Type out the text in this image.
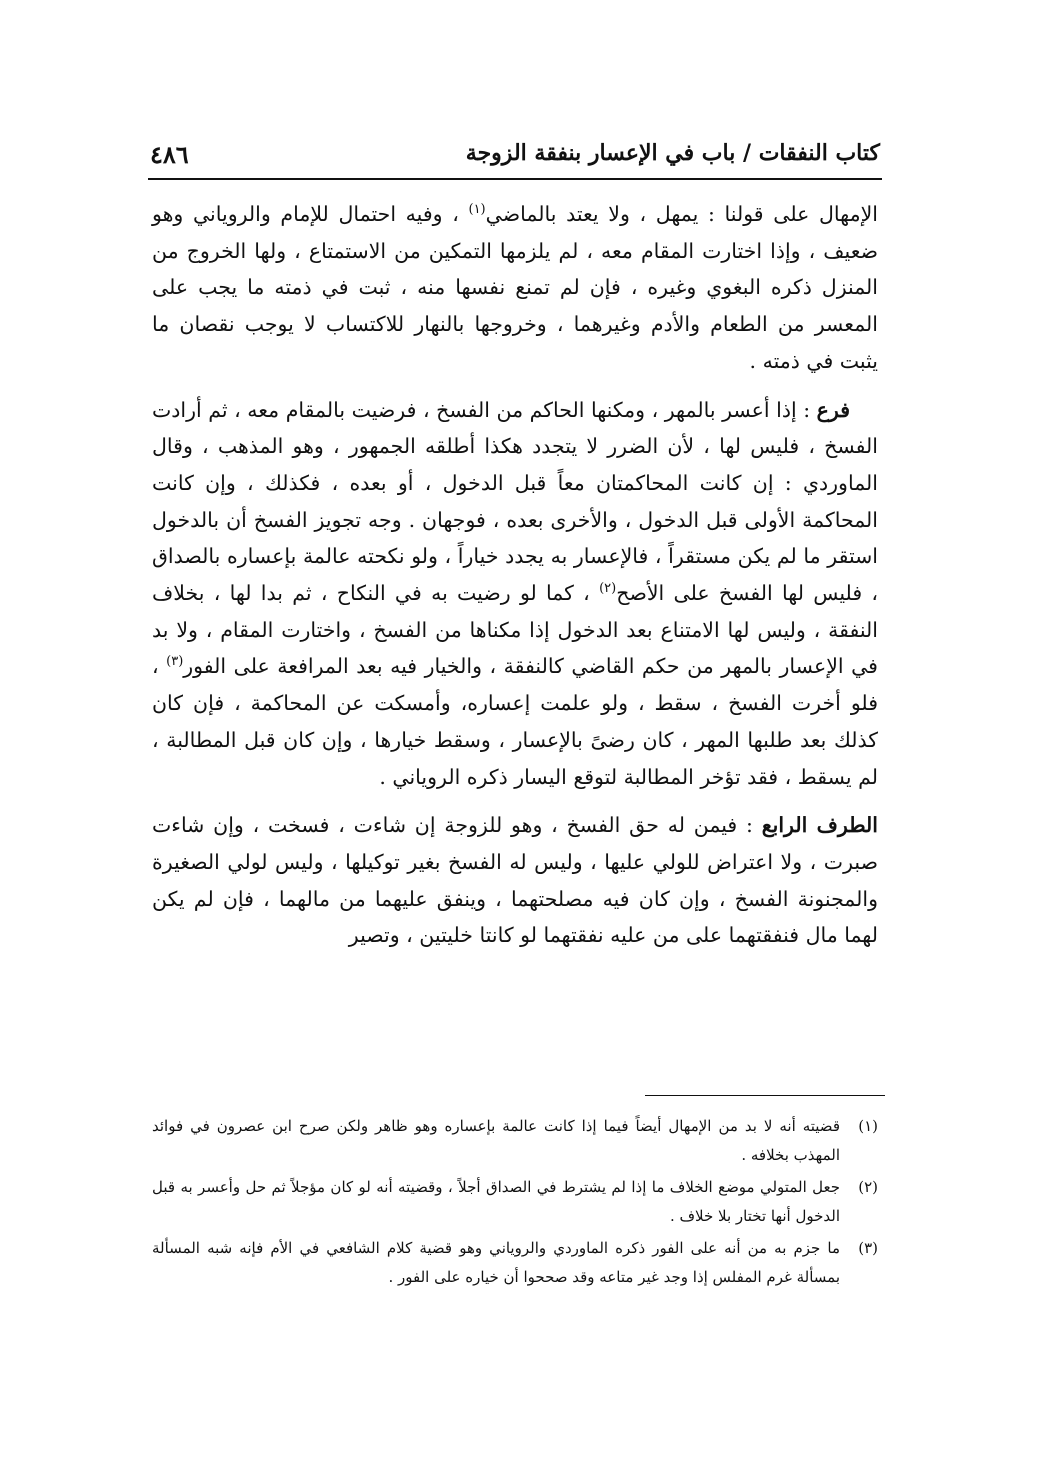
٤٨٦	كتاب النفقات / باب في الإعسار بنفقة الزوجة

الإمهال على قولنا : يمهل ، ولا يعتد بالماضي$^{(١)}$ ، وفيه احتمال للإمام والروياني وهو ضعيف ، وإذا اختارت المقام معه ، لم يلزمها التمكين من الاستمتاع ، ولها الخروج من المنزل ذكره البغوي وغيره ، فإن لم تمنع نفسها منه ، ثبت في ذمته ما يجب على المعسر من الطعام والأدم وغيرهما ، وخروجها بالنهار للاكتساب لا يوجب نقصان ما يثبت في ذمته .

فرع : إذا أعسر بالمهر ، ومكنها الحاكم من الفسخ ، فرضيت بالمقام معه ، ثم أرادت الفسخ ، فليس لها ، لأن الضرر لا يتجدد هكذا أطلقه الجمهور ، وهو المذهب ، وقال الماوردي : إن كانت المحاكمتان معاً قبل الدخول ، أو بعده ، فكذلك ، وإن كانت المحاكمة الأولى قبل الدخول ، والأخرى بعده ، فوجهان . وجه تجويز الفسخ أن بالدخول استقر ما لم يكن مستقراً ، فالإعسار به يجدد خياراً ، ولو نكحته عالمة بإعساره بالصداق ، فليس لها الفسخ على الأصح$^{(٢)}$ ، كما لو رضيت به في النكاح ، ثم بدا لها ، بخلاف النفقة ، وليس لها الامتناع بعد الدخول إذا مكناها من الفسخ ، واختارت المقام ، ولا بد في الإعسار بالمهر من حكم القاضي كالنفقة ، والخيار فيه بعد المرافعة على الفور$^{(٣)}$ ، فلو أخرت الفسخ ، سقط ، ولو علمت إعساره، وأمسكت عن المحاكمة ، فإن كان كذلك بعد طلبها المهر ، كان رضىً بالإعسار ، وسقط خيارها ، وإن كان قبل المطالبة ، لم يسقط ، فقد تؤخر المطالبة لتوقع اليسار ذكره الروياني .

الطرف الرابع : فيمن له حق الفسخ ، وهو للزوجة إن شاءت ، فسخت ، وإن شاءت صبرت ، ولا اعتراض للولي عليها ، وليس له الفسخ بغير توكيلها ، وليس لولي الصغيرة والمجنونة الفسخ ، وإن كان فيه مصلحتهما ، وينفق عليهما من مالهما ، فإن لم يكن لهما مال فنفقتهما على من عليه نفقتهما لو كانتا خليتين ، وتصير

(١)
قضيته أنه لا بد من الإمهال أيضاً فيما إذا كانت عالمة بإعساره وهو ظاهر ولكن صرح ابن عصرون في فوائد المهذب بخلافه .
(٢)
جعل المتولي موضع الخلاف ما إذا لم يشترط في الصداق أجلاً ، وقضيته أنه لو كان مؤجلاً ثم حل وأعسر به قبل الدخول أنها تختار بلا خلاف .
(٣)
ما جزم به من أنه على الفور ذكره الماوردي والروياني وهو قضية كلام الشافعي في الأم فإنه شبه المسألة بمسألة غرم المفلس إذا وجد غير متاعه وقد صححوا أن خياره على الفور .
